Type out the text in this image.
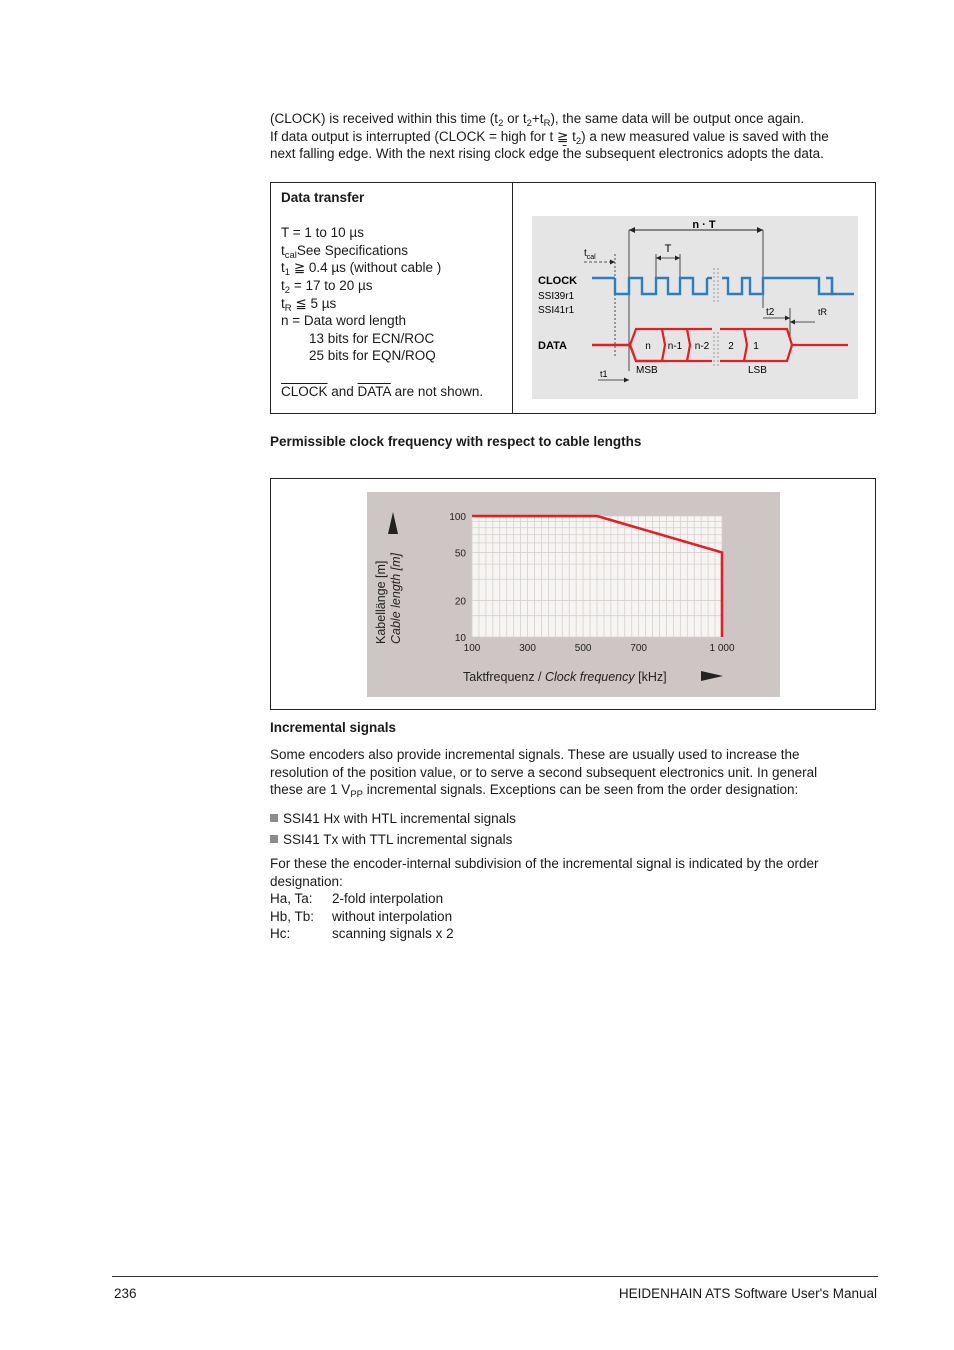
(CLOCK) is received within this time ($t_2$ or $t_2+t_R$), the same data will be output once again.

If data output is interrupted (CLOCK = high for t ≧ $t_2$) a new measured value is saved with the

next falling edge. With the next rising clock edge $\overline{t}he$ subsequent electronics adopts the data.

Data transfer
T = 1 to 10 µs
$t_{cal}See$ Specifications
$t_1$ ≧ 0.4 µs (without cable )
$t_2 = 17$ to 20 µs
$t_R$ ≦ 5 µs
n = Data word length
13 bits for ECN/ROC
25 bits for EQN/ROQ
CLOCK and DATA are not shown.
n · T
$t_{cal}$
T
CLOCK
SSI39r1
SSI41r1	t2	tR
DATA	n n-1 n-2 2 1
t1	MSB	LSB
Permissible clock frequency with respect to cable lengths
100	300	500	700	1 000
10
20
50
100
Kabellänge [m] Cable length [m]
Taktfrequenz / Clock frequency [kHz]
Incremental signals

Some encoders also provide incremental signals. These are usually used to increase the

resolution of the position value, or to serve a second subsequent electronics unit. In general

these are 1 $V_{PP}$ incremental signals. Exceptions can be seen from the order designation:

SSI41 Hx with HTL incremental signals
SSI41 Tx with TTL incremental signals

For these the encoder-internal subdivision of the incremental signal is indicated by the order

designation:

Ha, Ta:	2-fold interpolation
Hb, Tb:	without interpolation
Hc:	scanning signals x 2
236	HEIDENHAIN ATS Software User's Manual
